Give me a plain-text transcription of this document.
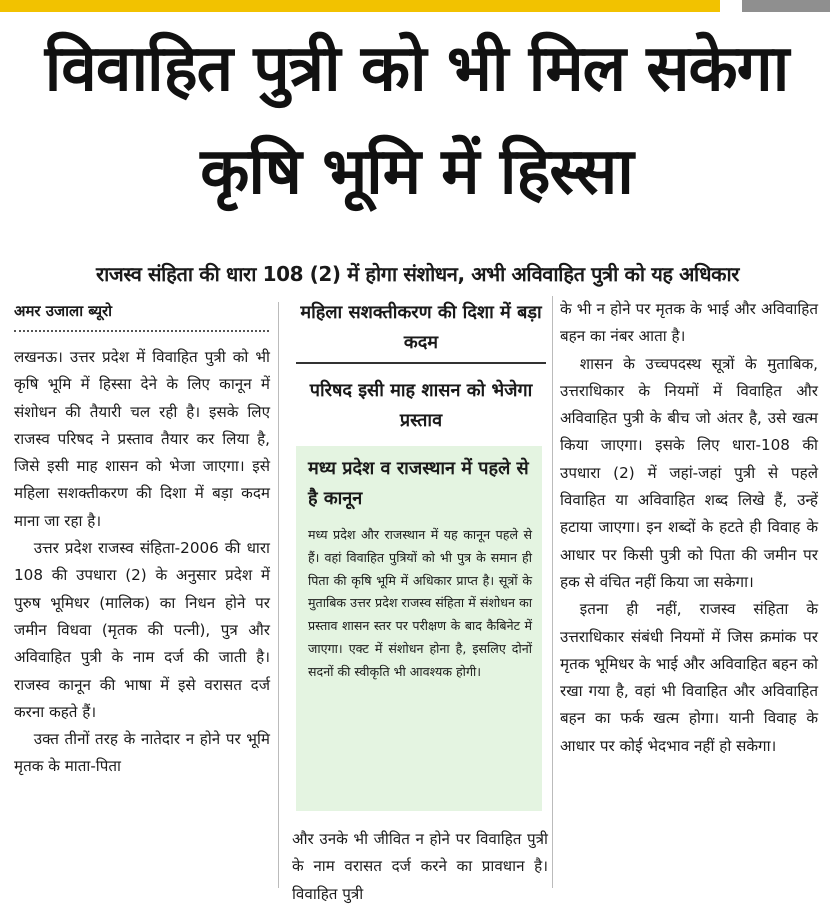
विवाहित पुत्री को भी मिल सकेगा कृषि भूमि में हिस्सा
राजस्व संहिता की धारा 108 (2) में होगा संशोधन, अभी अविवाहित पुत्री को यह अधिकार
अमर उजाला ब्यूरो

लखनऊ। उत्तर प्रदेश में विवाहित पुत्री को भी कृषि भूमि में हिस्सा देने के लिए कानून में संशोधन की तैयारी चल रही है। इसके लिए राजस्व परिषद ने प्रस्ताव तैयार कर लिया है, जिसे इसी माह शासन को भेजा जाएगा। इसे महिला सशक्तीकरण की दिशा में बड़ा कदम माना जा रहा है।

उत्तर प्रदेश राजस्व संहिता-2006 की धारा 108 की उपधारा (2) के अनुसार प्रदेश में पुरुष भूमिधर (मालिक) का निधन होने पर जमीन विधवा (मृतक की पत्नी), पुत्र और अविवाहित पुत्री के नाम दर्ज की जाती है। राजस्व कानून की भाषा में इसे वरासत दर्ज करना कहते हैं।

उक्त तीनों तरह के नातेदार न होने पर भूमि मृतक के माता-पिता

महिला सशक्तीकरण की दिशा में बड़ा कदम
परिषद इसी माह शासन को भेजेगा प्रस्ताव
मध्य प्रदेश व राजस्थान में पहले से है कानून
मध्य प्रदेश और राजस्थान में यह कानून पहले से हैं। वहां विवाहित पुत्रियों को भी पुत्र के समान ही पिता की कृषि भूमि में अधिकार प्राप्त है। सूत्रों के मुताबिक उत्तर प्रदेश राजस्व संहिता में संशोधन का प्रस्ताव शासन स्तर पर परीक्षण के बाद कैबिनेट में जाएगा। एक्ट में संशोधन होना है, इसलिए दोनों सदनों की स्वीकृति भी आवश्यक होगी।

और उनके भी जीवित न होने पर विवाहित पुत्री के नाम वरासत दर्ज करने का प्रावधान है। विवाहित पुत्री

के भी न होने पर मृतक के भाई और अविवाहित बहन का नंबर आता है।

शासन के उच्चपदस्थ सूत्रों के मुताबिक, उत्तराधिकार के नियमों में विवाहित और अविवाहित पुत्री के बीच जो अंतर है, उसे खत्म किया जाएगा। इसके लिए धारा-108 की उपधारा (2) में जहां-जहां पुत्री से पहले विवाहित या अविवाहित शब्द लिखे हैं, उन्हें हटाया जाएगा। इन शब्दों के हटते ही विवाह के आधार पर किसी पुत्री को पिता की जमीन पर हक से वंचित नहीं किया जा सकेगा।

इतना ही नहीं, राजस्व संहिता के उत्तराधिकार संबंधी नियमों में जिस क्रमांक पर मृतक भूमिधर के भाई और अविवाहित बहन को रखा गया है, वहां भी विवाहित और अविवाहित बहन का फर्क खत्म होगा। यानी विवाह के आधार पर कोई भेदभाव नहीं हो सकेगा।
